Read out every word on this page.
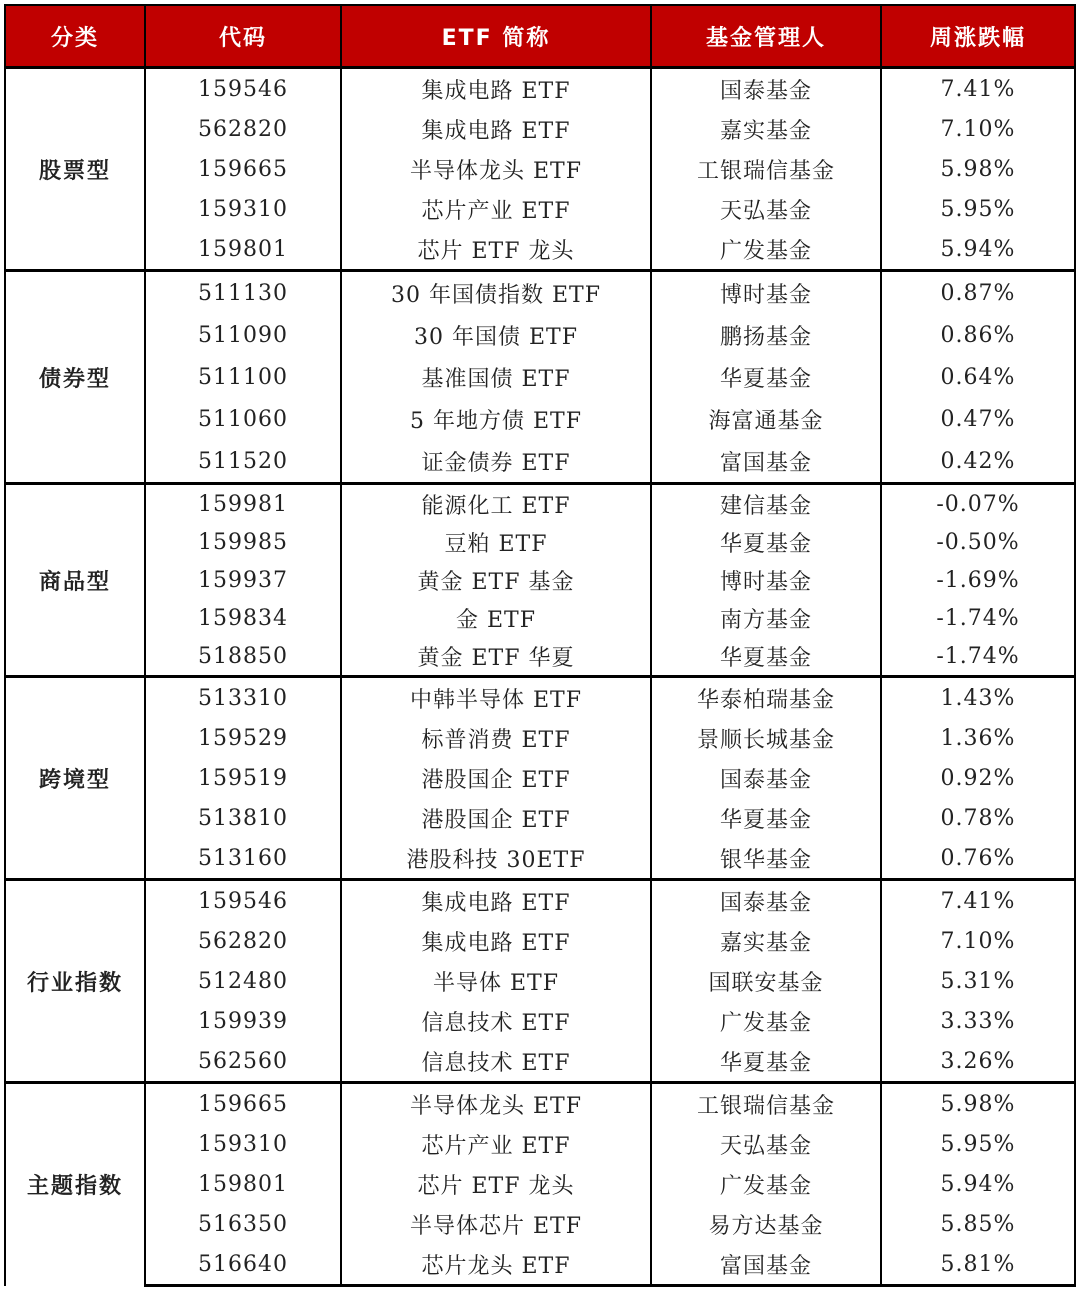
分类	代码	ETF 简称	基金管理人	周涨跌幅
股票型	159546	集成电路 ETF	国泰基金	7.41%
	562820	集成电路 ETF	嘉实基金	7.10%
	159665	半导体龙头 ETF	工银瑞信基金	5.98%
	159310	芯片产业 ETF	天弘基金	5.95%
	159801	芯片 ETF 龙头	广发基金	5.94%
债券型	511130	30 年国债指数 ETF	博时基金	0.87%
	511090	30 年国债 ETF	鹏扬基金	0.86%
	511100	基准国债 ETF	华夏基金	0.64%
	511060	5 年地方债 ETF	海富通基金	0.47%
	511520	证金债券 ETF	富国基金	0.42%
商品型	159981	能源化工 ETF	建信基金	-0.07%
	159985	豆粕 ETF	华夏基金	-0.50%
	159937	黄金 ETF 基金	博时基金	-1.69%
	159834	金 ETF	南方基金	-1.74%
	518850	黄金 ETF 华夏	华夏基金	-1.74%
跨境型	513310	中韩半导体 ETF	华泰柏瑞基金	1.43%
	159529	标普消费 ETF	景顺长城基金	1.36%
	159519	港股国企 ETF	国泰基金	0.92%
	513810	港股国企 ETF	华夏基金	0.78%
	513160	港股科技 30ETF	银华基金	0.76%
行业指数	159546	集成电路 ETF	国泰基金	7.41%
	562820	集成电路 ETF	嘉实基金	7.10%
	512480	半导体 ETF	国联安基金	5.31%
	159939	信息技术 ETF	广发基金	3.33%
	562560	信息技术 ETF	华夏基金	3.26%
主题指数	159665	半导体龙头 ETF	工银瑞信基金	5.98%
	159310	芯片产业 ETF	天弘基金	5.95%
	159801	芯片 ETF 龙头	广发基金	5.94%
	516350	半导体芯片 ETF	易方达基金	5.85%
	516640	芯片龙头 ETF	富国基金	5.81%
